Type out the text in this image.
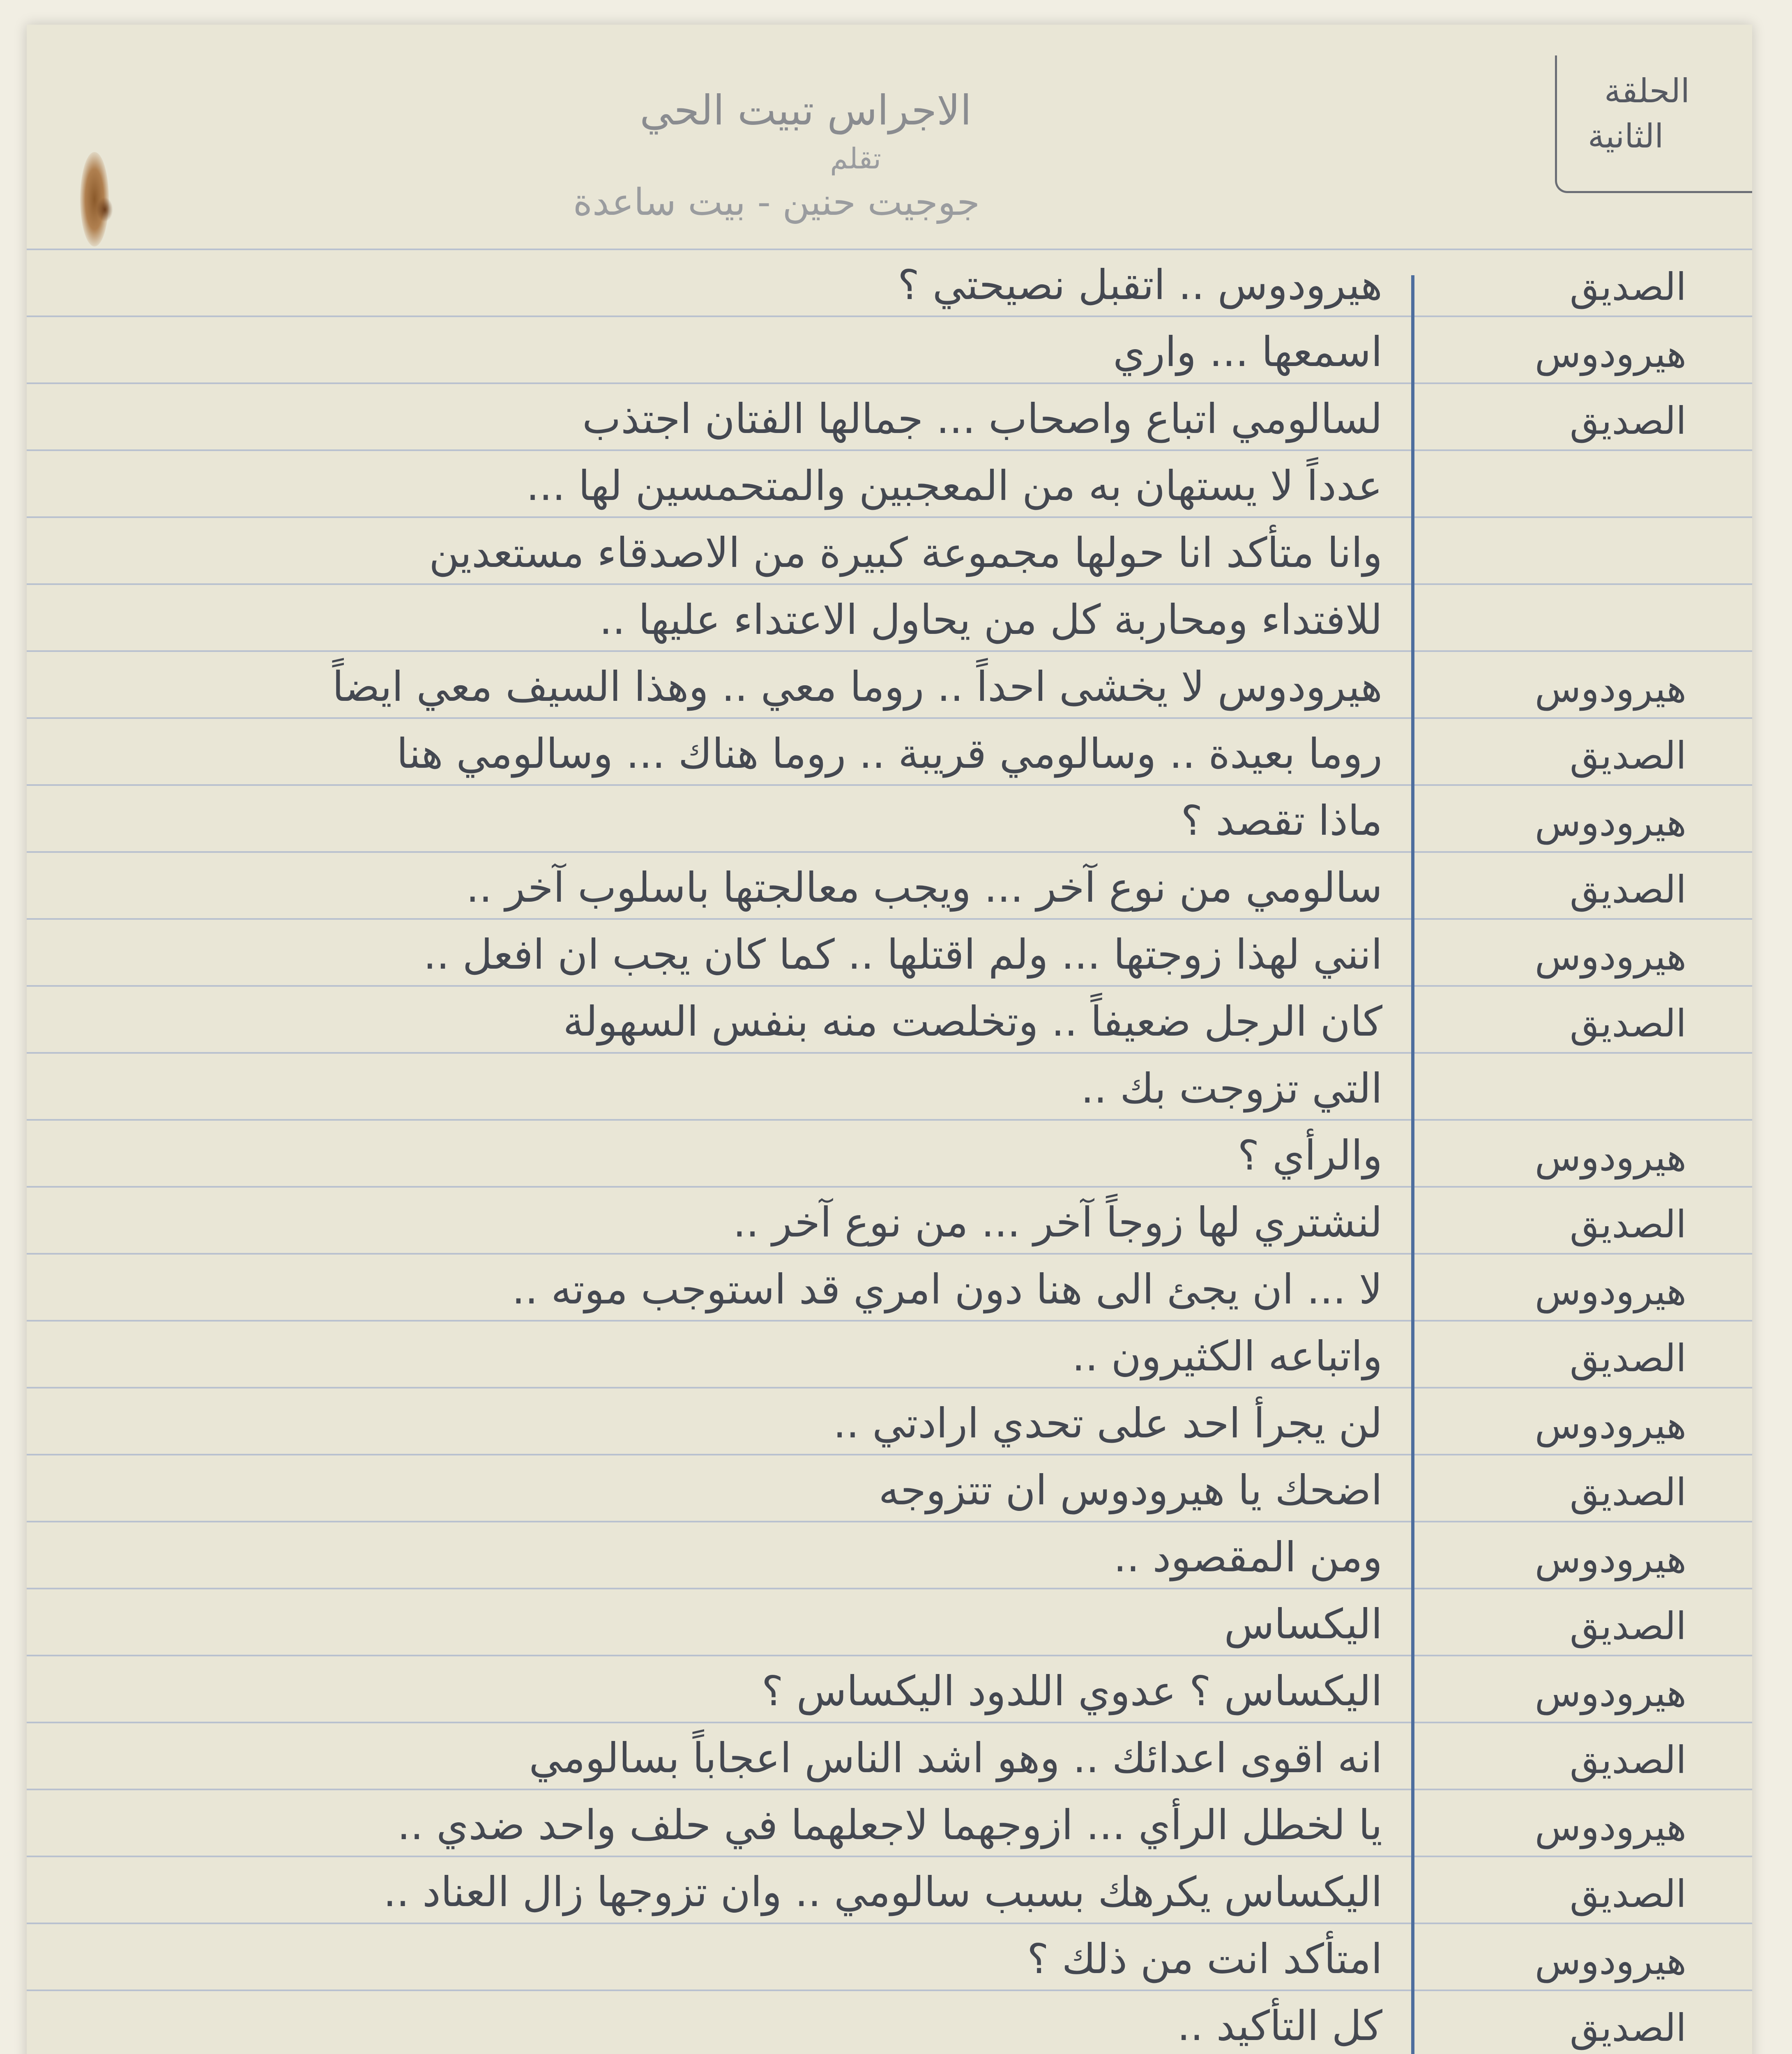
الاجراس تبيت الحي
تقلم
جوجيت حنين - بيت ساعدة
الحلقة
الثانية
الصديق
هيرودوس .. اتقبل نصيحتي ؟
هيرودوس
اسمعها ... واري
الصديق
لسالومي اتباع واصحاب ... جمالها الفتان اجتذب
عدداً لا يستهان به من المعجبين والمتحمسين لها ...
وانا متأكد انا حولها مجموعة كبيرة من الاصدقاء مستعدين
للافتداء ومحاربة كل من يحاول الاعتداء عليها ..
هيرودوس
هيرودوس لا يخشى احداً .. روما معي .. وهذا السيف معي ايضاً
الصديق
روما بعيدة .. وسالومي قريبة .. روما هناك ... وسالومي هنا
هيرودوس
ماذا تقصد ؟
الصديق
سالومي من نوع آخر ... ويجب معالجتها باسلوب آخر ..
هيرودوس
انني لهذا زوجتها ... ولم اقتلها .. كما كان يجب ان افعل ..
الصديق
كان الرجل ضعيفاً .. وتخلصت منه بنفس السهولة
التي تزوجت بك ..
هيرودوس
والرأي ؟
الصديق
لنشتري لها زوجاً آخر ... من نوع آخر ..
هيرودوس
لا ... ان يجئ الى هنا دون امري قد استوجب موته ..
الصديق
واتباعه الكثيرون ..
هيرودوس
لن يجرأ احد على تحدي ارادتي ..
الصديق
اضحك يا هيرودوس ان تتزوجه
هيرودوس
ومن المقصود ..
الصديق
اليكساس
هيرودوس
اليكساس ؟ عدوي اللدود اليكساس ؟
الصديق
انه اقوى اعدائك .. وهو اشد الناس اعجاباً بسالومي
هيرودوس
يا لخطل الرأي ... ازوجهما لاجعلهما في حلف واحد ضدي ..
الصديق
اليكساس يكرهك بسبب سالومي .. وان تزوجها زال العناد ..
هيرودوس
امتأكد انت من ذلك ؟
الصديق
كل التأكيد ..
